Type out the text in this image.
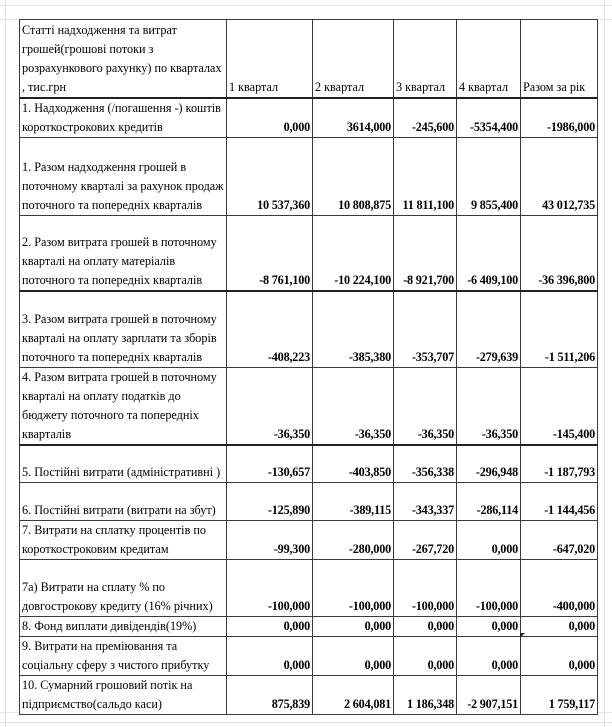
Статті надходження та витрат грошей(грошові потоки з розрахункового рахунку) по кварталах , тис.грн	1 квартал	2 квартал	3 квартал	4 квартал	Разом за рік
1. Надходження (/погашення -) коштів короткострокових кредитів	0,000	3614,000	-245,600	-5354,400	-1986,000
1. Разом надходження грошей в поточному кварталі за рахунок продаж поточного та попередніх кварталів	10 537,360	10 808,875	11 811,100	9 855,400	43 012,735
2. Разом витрата грошей в поточному кварталі на оплату матеріалів поточного та попередніх кварталів	-8 761,100	-10 224,100	-8 921,700	-6 409,100	-36 396,800
3. Разом витрата грошей в поточному кварталі на оплату зарплати та зборів поточного та попередніх кварталів	-408,223	-385,380	-353,707	-279,639	-1 511,206
4. Разом витрата грошей в поточному кварталі на оплату податків до бюджету поточного та попередніх кварталів	-36,350	-36,350	-36,350	-36,350	-145,400
5. Постійні витрати (адміністративні )	-130,657	-403,850	-356,338	-296,948	-1 187,793
6. Постійні витрати (витрати на збут)	-125,890	-389,115	-343,337	-286,114	-1 144,456
7. Витрати на сплатку процентів по короткостроковим кредитам	-99,300	-280,000	-267,720	0,000	-647,020
7а) Витрати на сплату % по довгострокову кредиту (16% річних)	-100,000	-100,000	-100,000	-100,000	-400,000
8. Фонд виплати дивідендів(19%)	0,000	0,000	0,000	0,000	0,000
9. Витрати на преміювання та соціальну сферу з чистого прибутку	0,000	0,000	0,000	0,000	0,000
10. Сумарний грошовий потік на підприємство(сальдо каси)	875,839	2 604,081	1 186,348	-2 907,151	1 759,117
